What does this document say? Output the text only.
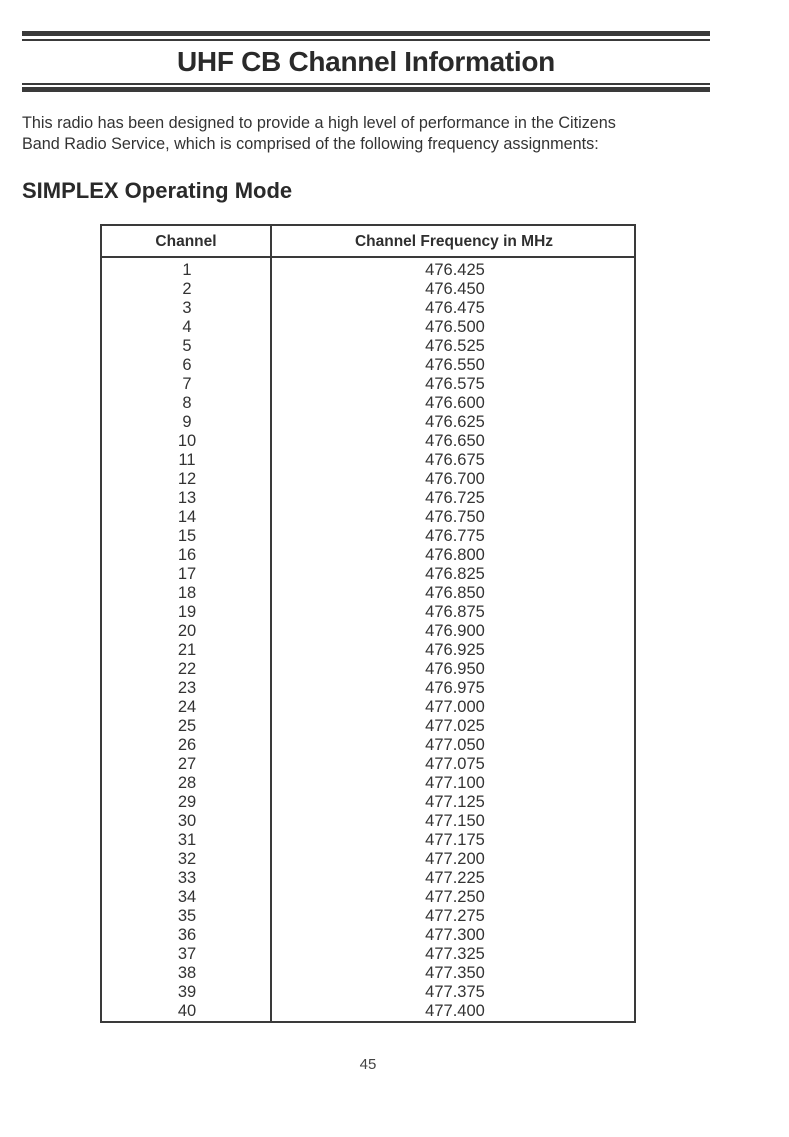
UHF CB Channel Information

This radio has been designed to provide a high level of performance in the Citizens

Band Radio Service, which is comprised of the following frequency assignments:

SIMPLEX Operating Mode
Channel	Channel Frequency in MHz
1	476.425
2	476.450
3	476.475
4	476.500
5	476.525
6	476.550
7	476.575
8	476.600
9	476.625
10	476.650
11	476.675
12	476.700
13	476.725
14	476.750
15	476.775
16	476.800
17	476.825
18	476.850
19	476.875
20	476.900
21	476.925
22	476.950
23	476.975
24	477.000
25	477.025
26	477.050
27	477.075
28	477.100
29	477.125
30	477.150
31	477.175
32	477.200
33	477.225
34	477.250
35	477.275
36	477.300
37	477.325
38	477.350
39	477.375
40	477.400
45
